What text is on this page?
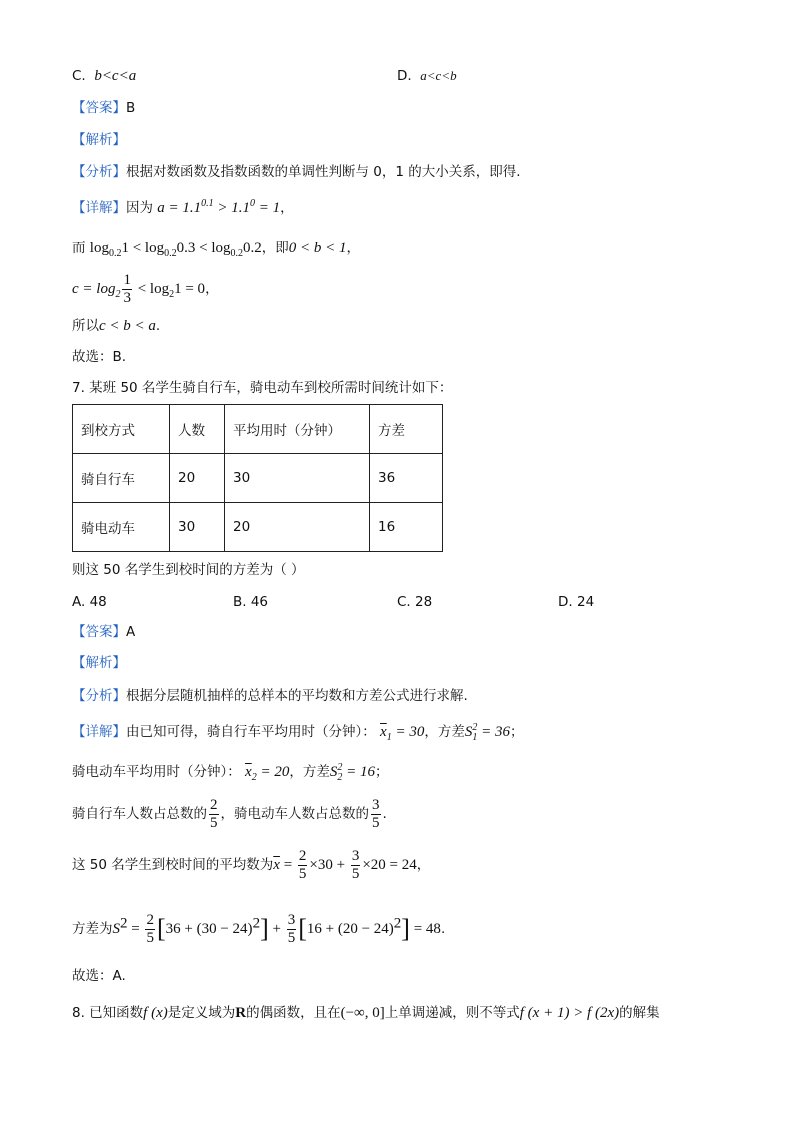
C. b<c<a	D. a<c<b
【答案】B
【解析】
【分析】根据对数函数及指数函数的单调性判断与 0，1 的大小关系，即得.
【详解】因为 $a = 1.1^{0.1} > 1.1^0 = 1$，
而 $\log_{0.2}1 < \log_{0.2}0.3 < \log_{0.2}0.2$，即0 < b < 1，
$c = \log_2 \frac{1}{3} < \log_21 = 0$，
所以c < b < a.
故选：B.
7. 某班 50 名学生骑自行车，骑电动车到校所需时间统计如下：
到校方式	人数	平均用时（分钟）	方差
骑自行车	20	30	36
骑电动车	30	20	16
则这 50 名学生到校时间的方差为（ ）
A. 48	B. 46	C. 28	D. 24
【答案】A
【解析】
【分析】根据分层随机抽样的总样本的平均数和方差公式进行求解.
【详解】由已知可得，骑自行车平均用时（分钟）： $\overline{x}_1 = 30$，方差$S^2_1 = 36$；
骑电动车平均用时（分钟）： $\overline{x}_2 = 20$，方差$S^2_2 = 16$；
骑自行车人数占总数的 $\frac{2}{5}$ ，骑电动车人数占总数的 $\frac{3}{5}$ .
这 50 名学生到校时间的平均数为$\overline{x} = \frac{2}{5} \times 30 + \frac{3}{5} \times 20 = 24$，
方差为$S^2 = \frac{2}{5} [36 + (30 - 24)^2] + \frac{3}{5} [16 + (20 - 24)^2] = 48$.
故选：A.
8. 已知函数f (x)是定义域为R的偶函数，且在(−∞, 0]上单调递减，则不等式f (x + 1) > f (2x)的解集
